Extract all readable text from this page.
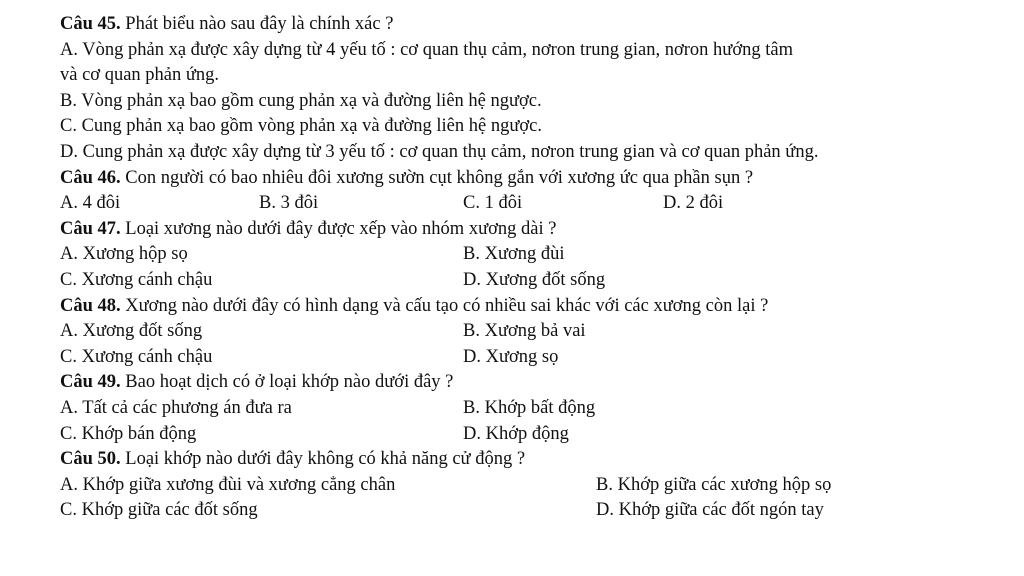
Câu 45. Phát biểu nào sau đây là chính xác ?
A. Vòng phản xạ được xây dựng từ 4 yếu tố : cơ quan thụ cảm, nơron trung gian, nơron hướng tâm
và cơ quan phản ứng.
B. Vòng phản xạ bao gồm cung phản xạ và đường liên hệ ngược.
C. Cung phản xạ bao gồm vòng phản xạ và đường liên hệ ngược.
D. Cung phản xạ được xây dựng từ 3 yếu tố : cơ quan thụ cảm, nơron trung gian và cơ quan phản ứng.
Câu 46. Con người có bao nhiêu đôi xương sườn cụt không gắn với xương ức qua phần sụn ?
A. 4 đôi	B. 3 đôi	C. 1 đôi	D. 2 đôi
Câu 47. Loại xương nào dưới đây được xếp vào nhóm xương dài ?
A. Xương hộp sọ	B. Xương đùi
C. Xương cánh chậu	D. Xương đốt sống
Câu 48. Xương nào dưới đây có hình dạng và cấu tạo có nhiều sai khác với các xương còn lại ?
A. Xương đốt sống	B. Xương bả vai
C. Xương cánh chậu	D. Xương sọ
Câu 49. Bao hoạt dịch có ở loại khớp nào dưới đây ?
A. Tất cả các phương án đưa ra	B. Khớp bất động
C. Khớp bán động	D. Khớp động
Câu 50. Loại khớp nào dưới đây không có khả năng cử động ?
A. Khớp giữa xương đùi và xương cẳng chân	B. Khớp giữa các xương hộp sọ
C. Khớp giữa các đốt sống	D. Khớp giữa các đốt ngón tay
